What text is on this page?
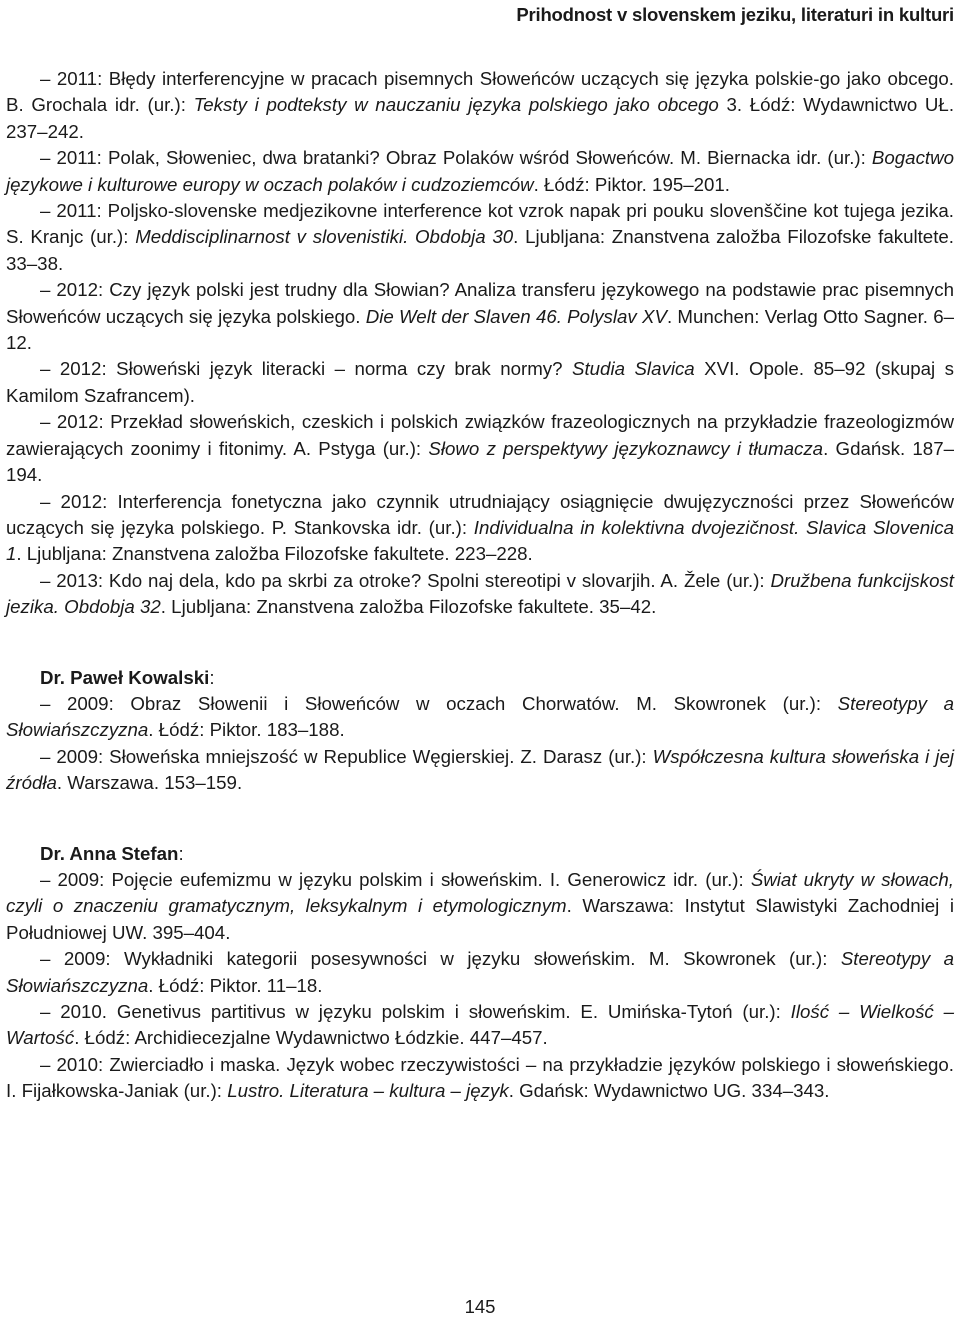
Prihodnost v slovenskem jeziku, literaturi in kulturi

– 2011: Błędy interferencyjne w pracach pisemnych Słoweńców uczących się języka polskie-go jako obcego. B. Grochala idr. (ur.): Teksty i podteksty w nauczaniu języka polskiego jako obcego 3. Łódź: Wydawnictwo UŁ. 237–242.

– 2011: Polak, Słoweniec, dwa bratanki? Obraz Polaków wśród Słoweńców. M. Biernacka idr. (ur.): Bogactwo językowe i kulturowe europy w oczach polaków i cudzoziemców. Łódź: Piktor. 195–201.

– 2011: Poljsko-slovenske medjezikovne interference kot vzrok napak pri pouku slovenščine kot tujega jezika. S. Kranjc (ur.): Meddisciplinarnost v slovenistiki. Obdobja 30. Ljubljana: Znanstvena založba Filozofske fakultete. 33–38.

– 2012: Czy język polski jest trudny dla Słowian? Analiza transferu językowego na podstawie prac pisemnych Słoweńców uczących się języka polskiego. Die Welt der Slaven 46. Polyslav XV. Munchen: Verlag Otto Sagner. 6–12.

– 2012: Słoweński język literacki – norma czy brak normy? Studia Slavica XVI. Opole. 85–92 (skupaj s Kamilom Szafrancem).

– 2012: Przekład słoweńskich, czeskich i polskich związków frazeologicznych na przykładzie frazeologizmów zawierających zoonimy i fitonimy. A. Pstyga (ur.): Słowo z perspektywy językoznawcy i tłumacza. Gdańsk. 187–194.

– 2012: Interferencja fonetyczna jako czynnik utrudniający osiągnięcie dwujęzyczności przez Słoweńców uczących się języka polskiego. P. Stankovska idr. (ur.): Individualna in kolektivna dvojezičnost. Slavica Slovenica 1. Ljubljana: Znanstvena založba Filozofske fakultete. 223–228.

– 2013: Kdo naj dela, kdo pa skrbi za otroke? Spolni stereotipi v slovarjih. A. Žele (ur.): Družbena funkcijskost jezika. Obdobja 32. Ljubljana: Znanstvena založba Filozofske fakultete. 35–42.

Dr. Paweł Kowalski:

– 2009: Obraz Słowenii i Słoweńców w oczach Chorwatów. M. Skowronek (ur.): Stereotypy a Słowiańszczyzna. Łódź: Piktor. 183–188.

– 2009: Słoweńska mniejszość w Republice Węgierskiej. Z. Darasz (ur.): Współczesna kultura słoweńska i jej źródła. Warszawa. 153–159.

Dr. Anna Stefan:

– 2009: Pojęcie eufemizmu w języku polskim i słoweńskim. I. Generowicz idr. (ur.): Świat ukryty w słowach, czyli o znaczeniu gramatycznym, leksykalnym i etymologicznym. Warszawa: Instytut Slawistyki Zachodniej i Południowej UW. 395–404.

– 2009: Wykładniki kategorii posesywności w języku słoweńskim. M. Skowronek (ur.): Stereotypy a Słowiańszczyzna. Łódź: Piktor. 11–18.

– 2010. Genetivus partitivus w języku polskim i słoweńskim. E. Umińska-Tytoń (ur.): Ilość – Wielkość – Wartość. Łódź: Archidiecezjalne Wydawnictwo Łódzkie. 447–457.

– 2010: Zwierciadło i maska. Język wobec rzeczywistości – na przykładzie języków polskiego i słoweńskiego. I. Fijałkowska-Janiak (ur.): Lustro. Literatura – kultura – język. Gdańsk: Wydawnictwo UG. 334–343.

145
